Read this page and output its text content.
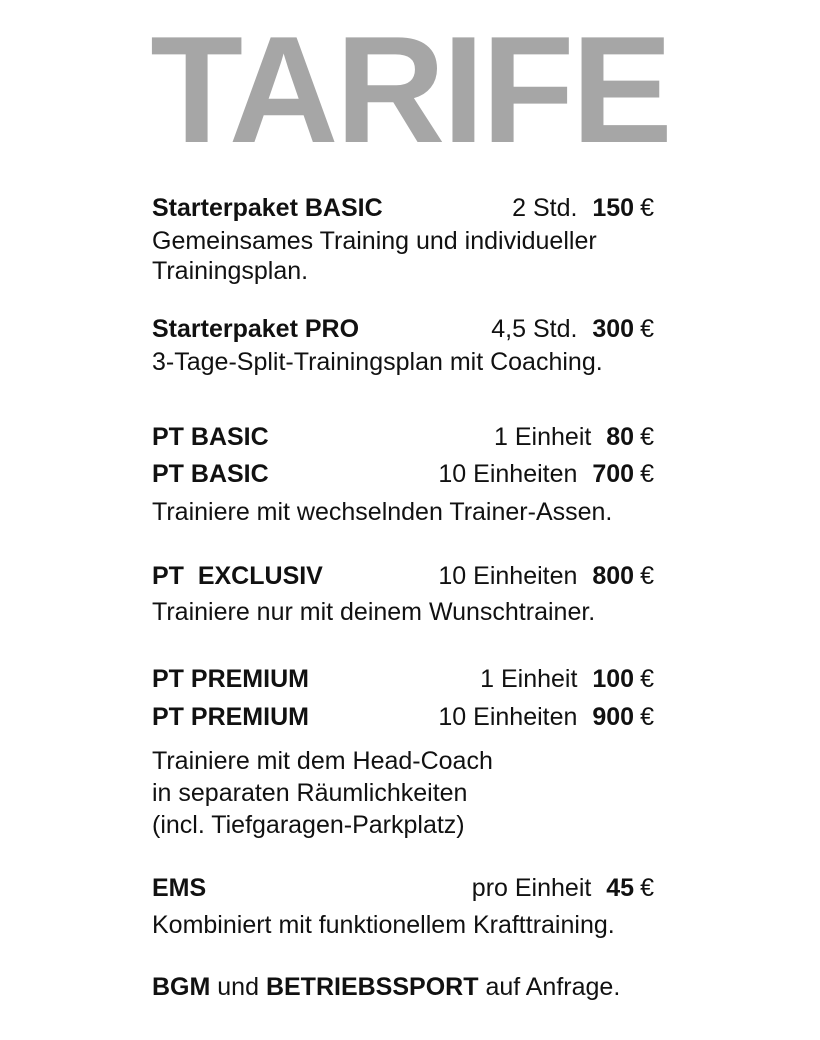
TARIFE
Starterpaket BASIC	2 Std. 150 €
Gemeinsames Training und individueller
Trainingsplan.
Starterpaket PRO	4,5 Std. 300 €
3-Tage-Split-Trainingsplan mit Coaching.
PT BASIC	1 Einheit 80 €
PT BASIC	10 Einheiten 700 €
Trainiere mit wechselnden Trainer-Assen.
PT  EXCLUSIV	10 Einheiten 800 €
Trainiere nur mit deinem Wunschtrainer.
PT PREMIUM	1 Einheit 100 €
PT PREMIUM	10 Einheiten 900 €
Trainiere mit dem Head-Coach
in separaten Räumlichkeiten
(incl. Tiefgaragen-Parkplatz)
EMS	pro Einheit 45 €
Kombiniert mit funktionellem Krafttraining.
BGM und BETRIEBSSPORT auf Anfrage.
